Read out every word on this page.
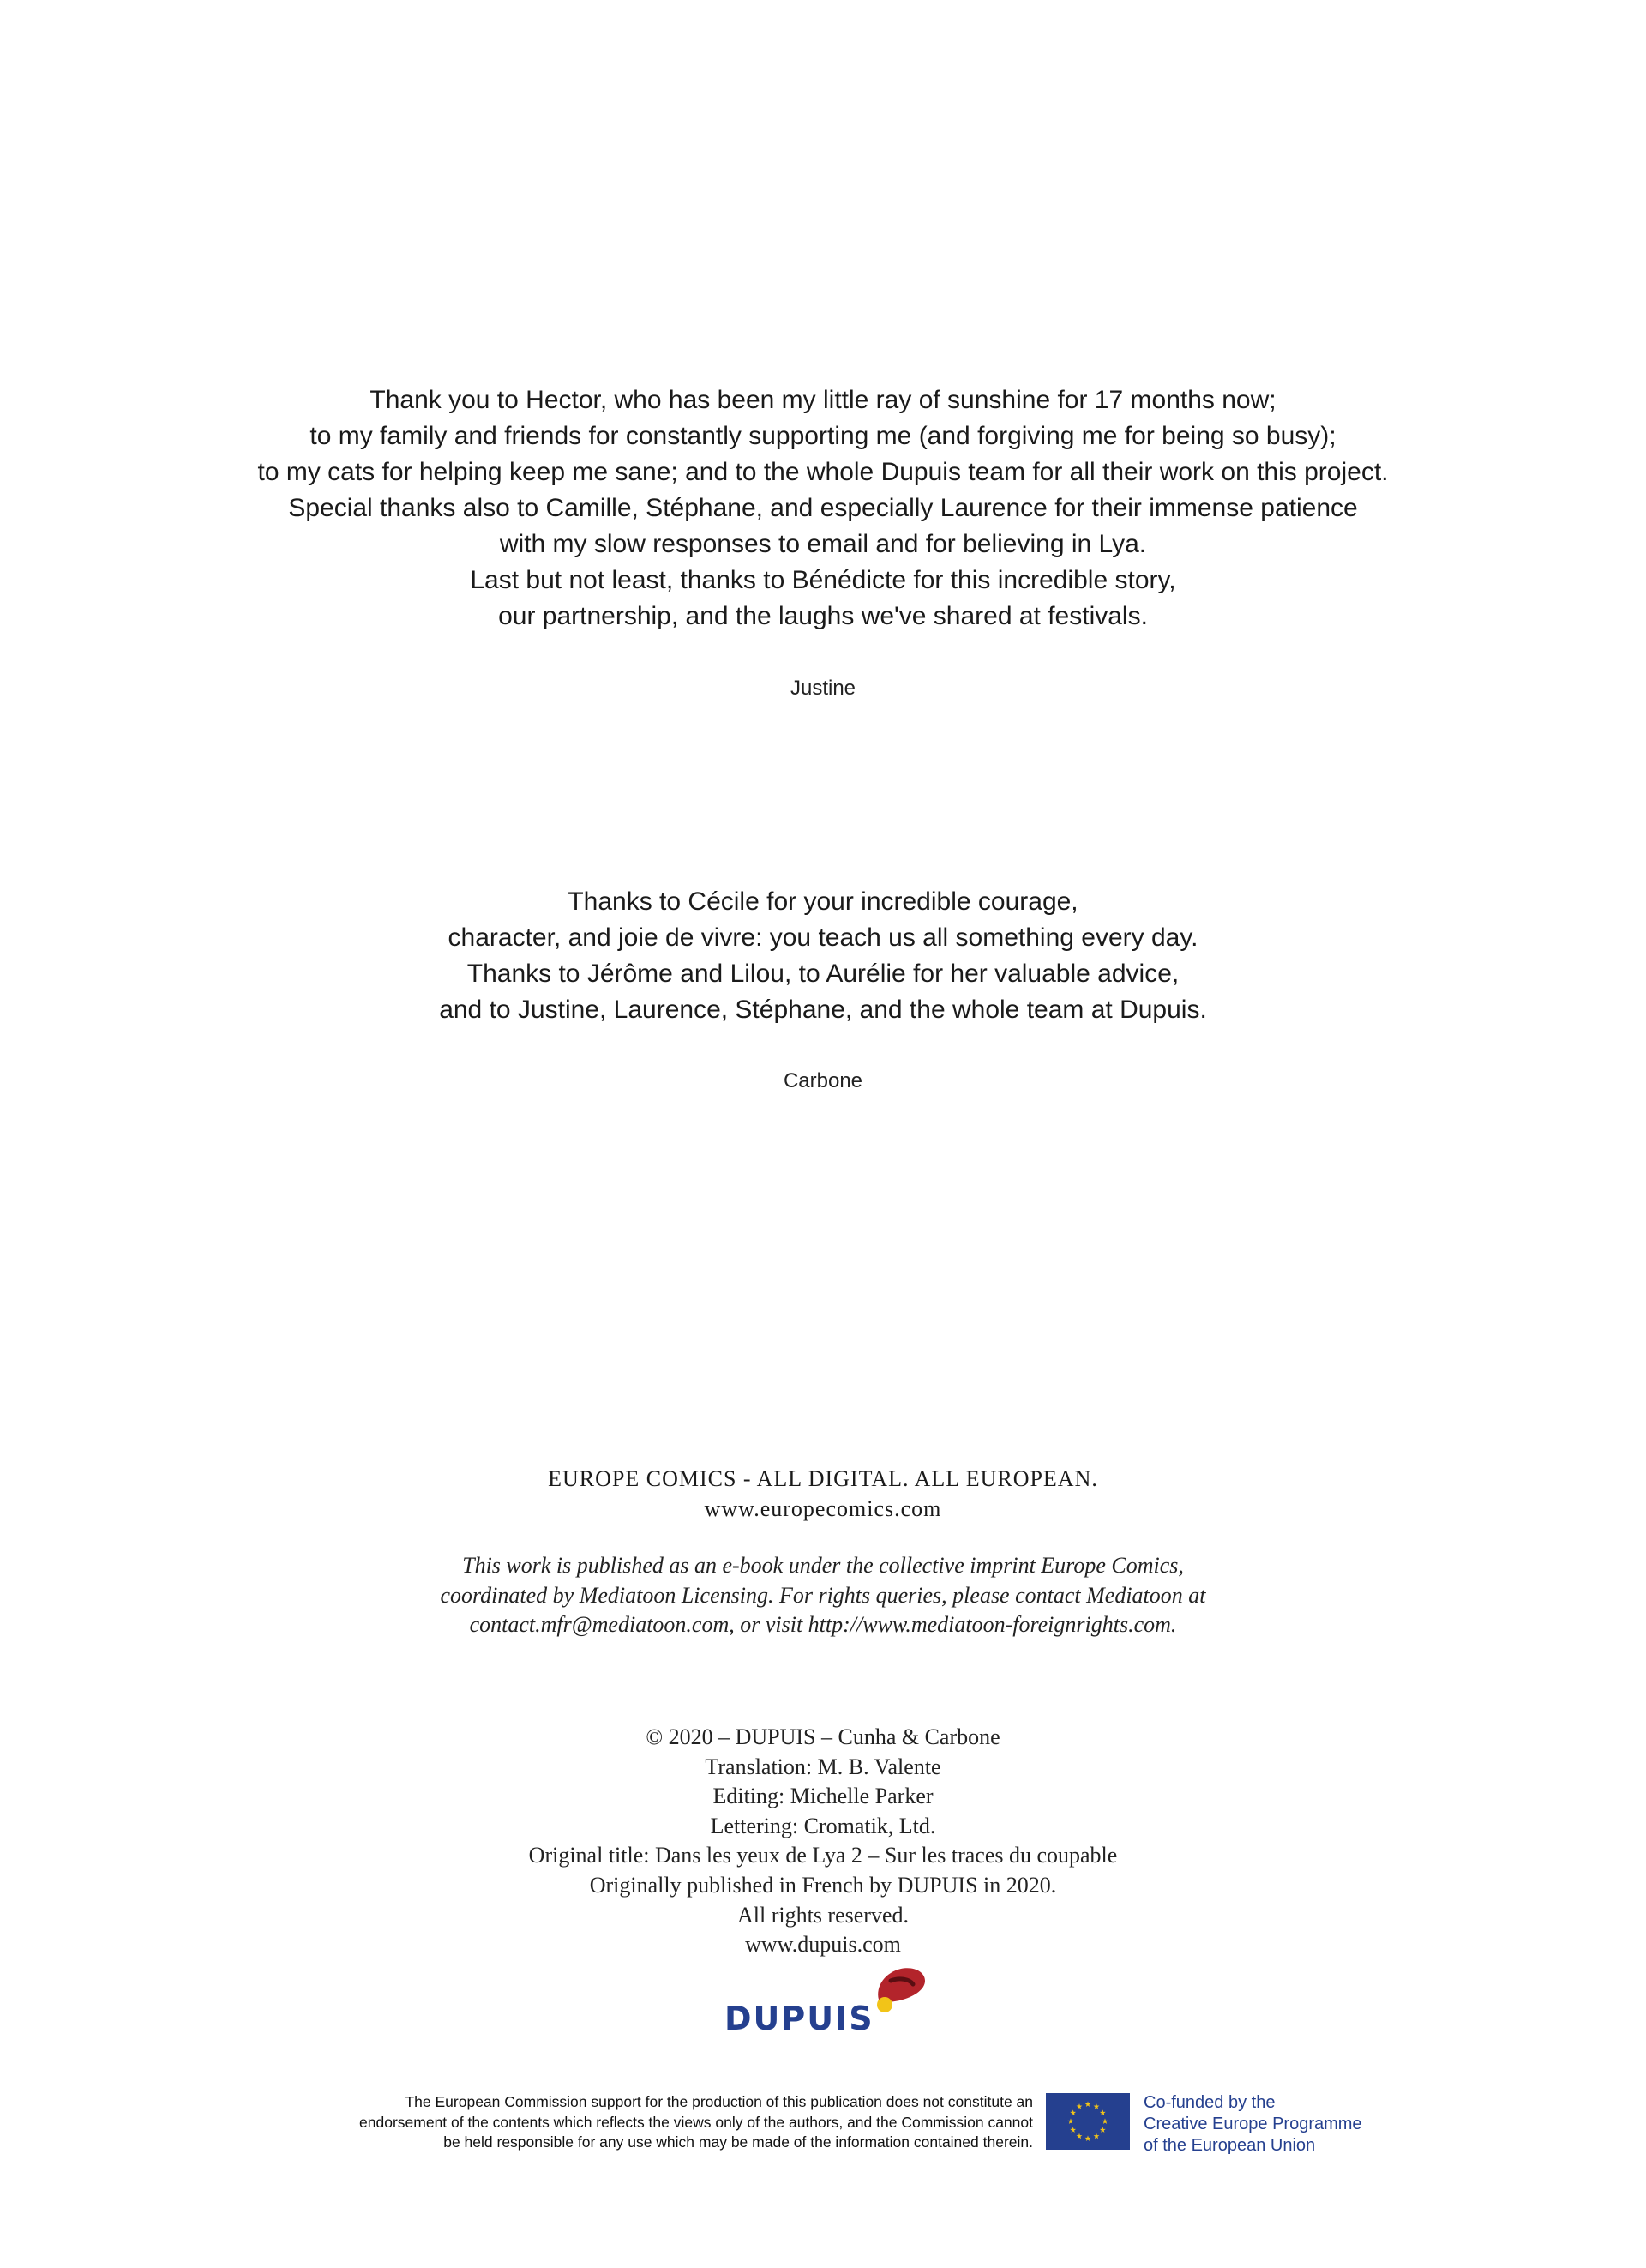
Thank you to Hector, who has been my little ray of sunshine for 17 months now;
to my family and friends for constantly supporting me (and forgiving me for being so busy);
to my cats for helping keep me sane; and to the whole Dupuis team for all their work on this project.
Special thanks also to Camille, Stéphane, and especially Laurence for their immense patience
with my slow responses to email and for believing in Lya.
Last but not least, thanks to Bénédicte for this incredible story,
our partnership, and the laughs we've shared at festivals.
Justine
Thanks to Cécile for your incredible courage,
character, and joie de vivre: you teach us all something every day.
Thanks to Jérôme and Lilou, to Aurélie for her valuable advice,
and to Justine, Laurence, Stéphane, and the whole team at Dupuis.
Carbone
EUROPE COMICS - ALL DIGITAL. ALL EUROPEAN.
www.europecomics.com
This work is published as an e-book under the collective imprint Europe Comics,
coordinated by Mediatoon Licensing. For rights queries, please contact Mediatoon at
contact.mfr@mediatoon.com, or visit http://www.mediatoon-foreignrights.com.
© 2020 – DUPUIS – Cunha & Carbone
Translation: M. B. Valente
Editing: Michelle Parker
Lettering: Cromatik, Ltd.
Original title: Dans les yeux de Lya 2 – Sur les traces du coupable
Originally published in French by DUPUIS in 2020.
All rights reserved.
www.dupuis.com
DUPUIS
The European Commission support for the production of this publication does not constitute an
endorsement of the contents which reflects the views only of the authors, and the Commission cannot
be held responsible for any use which may be made of the information contained therein.
Co-funded by the
Creative Europe Programme
of the European Union
